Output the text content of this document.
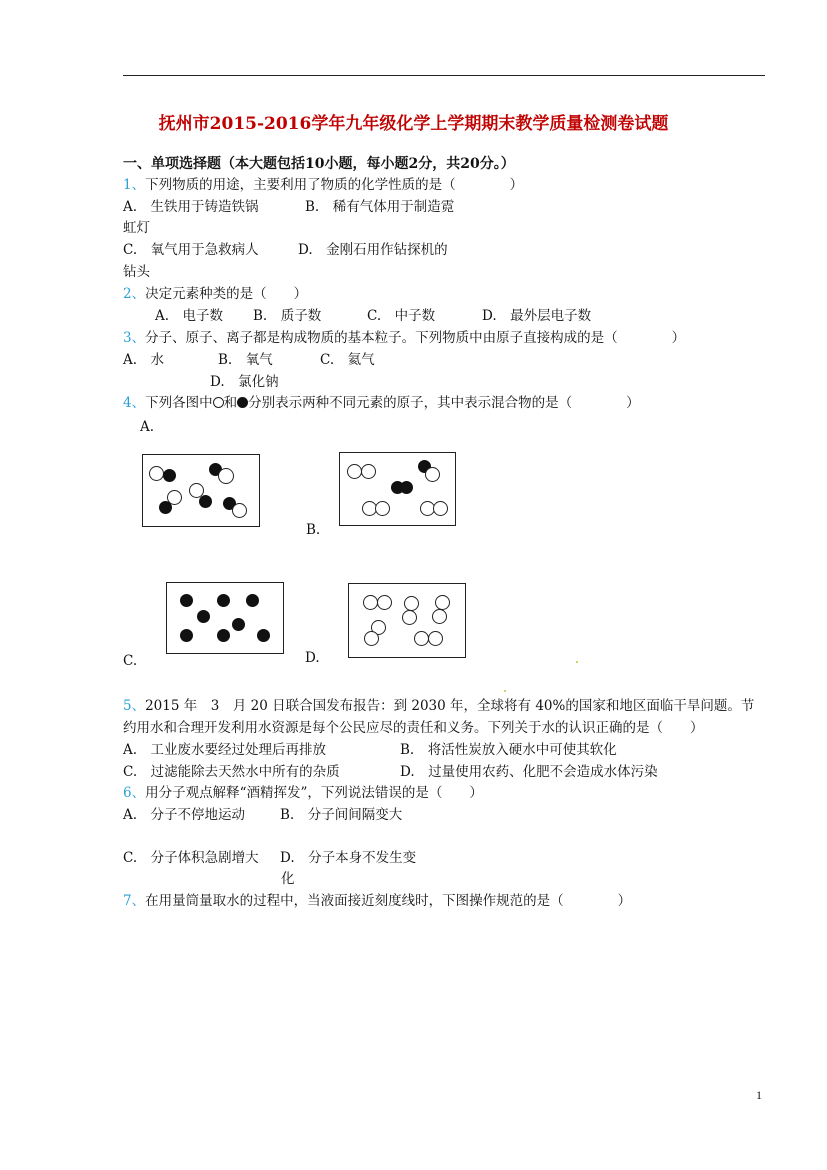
抚州市2015-2016学年九年级化学上学期期末教学质量检测卷试题
一、单项选择题（本大题包括10小题，每小题2分，共20分。）
1、下列物质的用途，主要利用了物质的化学性质的是（　　　　）
A.　生铁用于铸造铁锅	B.　稀有气体用于制造霓
虹灯
C.　氧气用于急救病人	D.　金刚石用作钻探机的
钻头
2、决定元素种类的是（　　）
A.　电子数 B.　质子数	C.　中子数	D.　最外层电子数
3、分子、原子、离子都是构成物质的基本粒子。下列物质中由原子直接构成的是（　　　　）
A.　水	B.　氧气	C.　氦气
D.　氯化钠
4、下列各图中 和 分别表示两种不同元素的原子，其中表示混合物的是（　　　　）
A.
B.
C.	D.
5、2015 年　3　月 20 日联合国发布报告：到 2030 年，全球将有 40%的国家和地区面临干旱问题。节
约用水和合理开发利用水资源是每个公民应尽的责任和义务。下列关于水的认识正确的是（　　）
A.　工业废水要经过处理后再排放	B.　将活性炭放入硬水中可使其软化
C.　过滤能除去天然水中所有的杂质	D.　过量使用农药、化肥不会造成水体污染
6、用分子观点解释“酒精挥发”，下列说法错误的是（　　）
A.　分子不停地运动	B.　分子间间隔变大
C.　分子体积急剧增大 D.　分子本身不发生变
化
7、在用量筒量取水的过程中，当液面接近刻度线时，下图操作规范的是（　　　　）
1
